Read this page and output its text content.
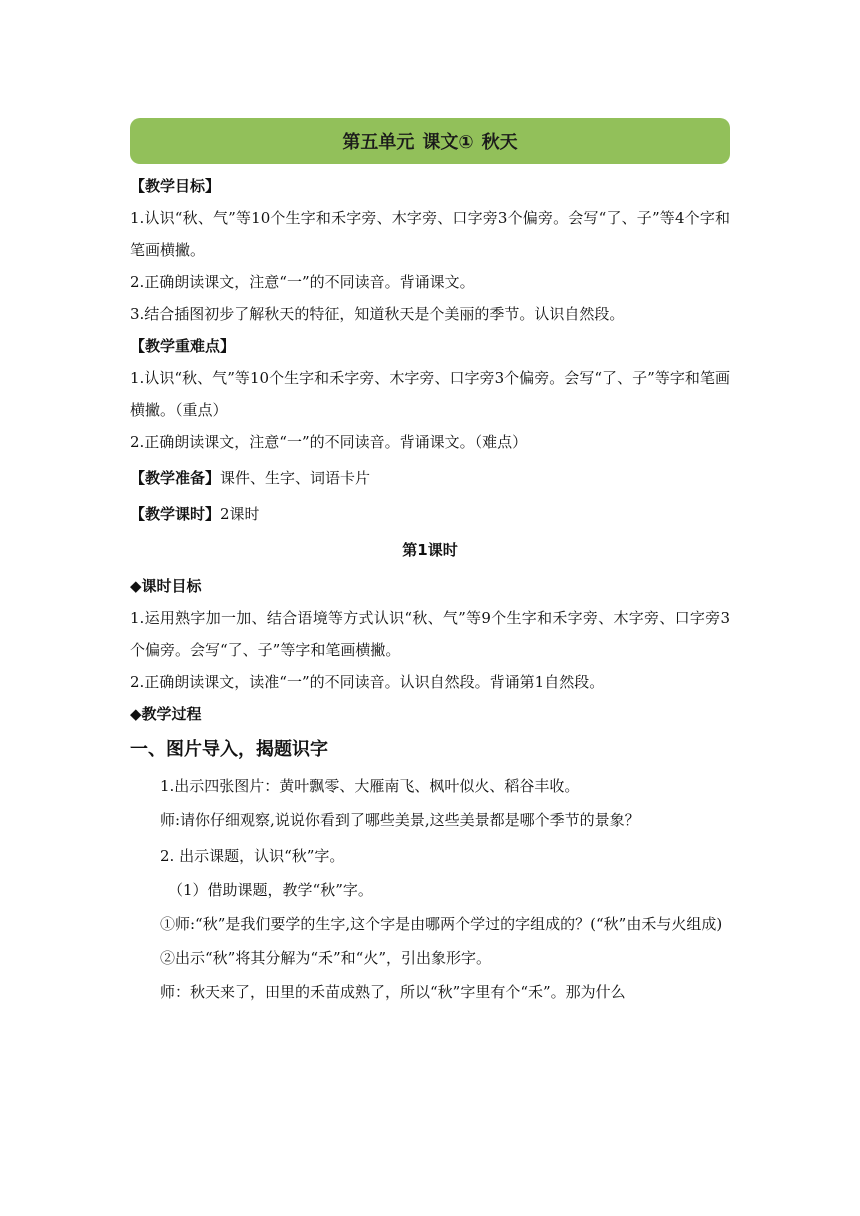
第五单元 课文① 秋天

【教学目标】

1.认识“秋、气”等10个生字和禾字旁、木字旁、口字旁3个偏旁。会写“了、子”等4个字和笔画横撇。

2.正确朗读课文，注意“一”的不同读音。背诵课文。

3.结合插图初步了解秋天的特征，知道秋天是个美丽的季节。认识自然段。

【教学重难点】

1.认识“秋、气”等10个生字和禾字旁、木字旁、口字旁3个偏旁。会写“了、子”等字和笔画横撇。（重点）

2.正确朗读课文，注意“一”的不同读音。背诵课文。（难点）

【教学准备】课件、生字、词语卡片

【教学课时】2课时

第1课时

◆课时目标

1.运用熟字加一加、结合语境等方式认识“秋、气”等9个生字和禾字旁、木字旁、口字旁3个偏旁。会写“了、子”等字和笔画横撇。

2.正确朗读课文，读准“一”的不同读音。认识自然段。背诵第1自然段。

◆教学过程

一、图片导入，揭题识字

1.出示四张图片：黄叶飘零、大雁南飞、枫叶似火、稻谷丰收。

师:请你仔细观察,说说你看到了哪些美景,这些美景都是哪个季节的景象？

2. 出示课题，认识“秋”字。

（1）借助课题，教学“秋”字。

①师:“秋”是我们要学的生字,这个字是由哪两个学过的字组成的？(“秋”由禾与火组成)

②出示“秋”将其分解为“禾”和“火”，引出象形字。

师：秋天来了，田里的禾苗成熟了，所以“秋”字里有个“禾”。那为什么
